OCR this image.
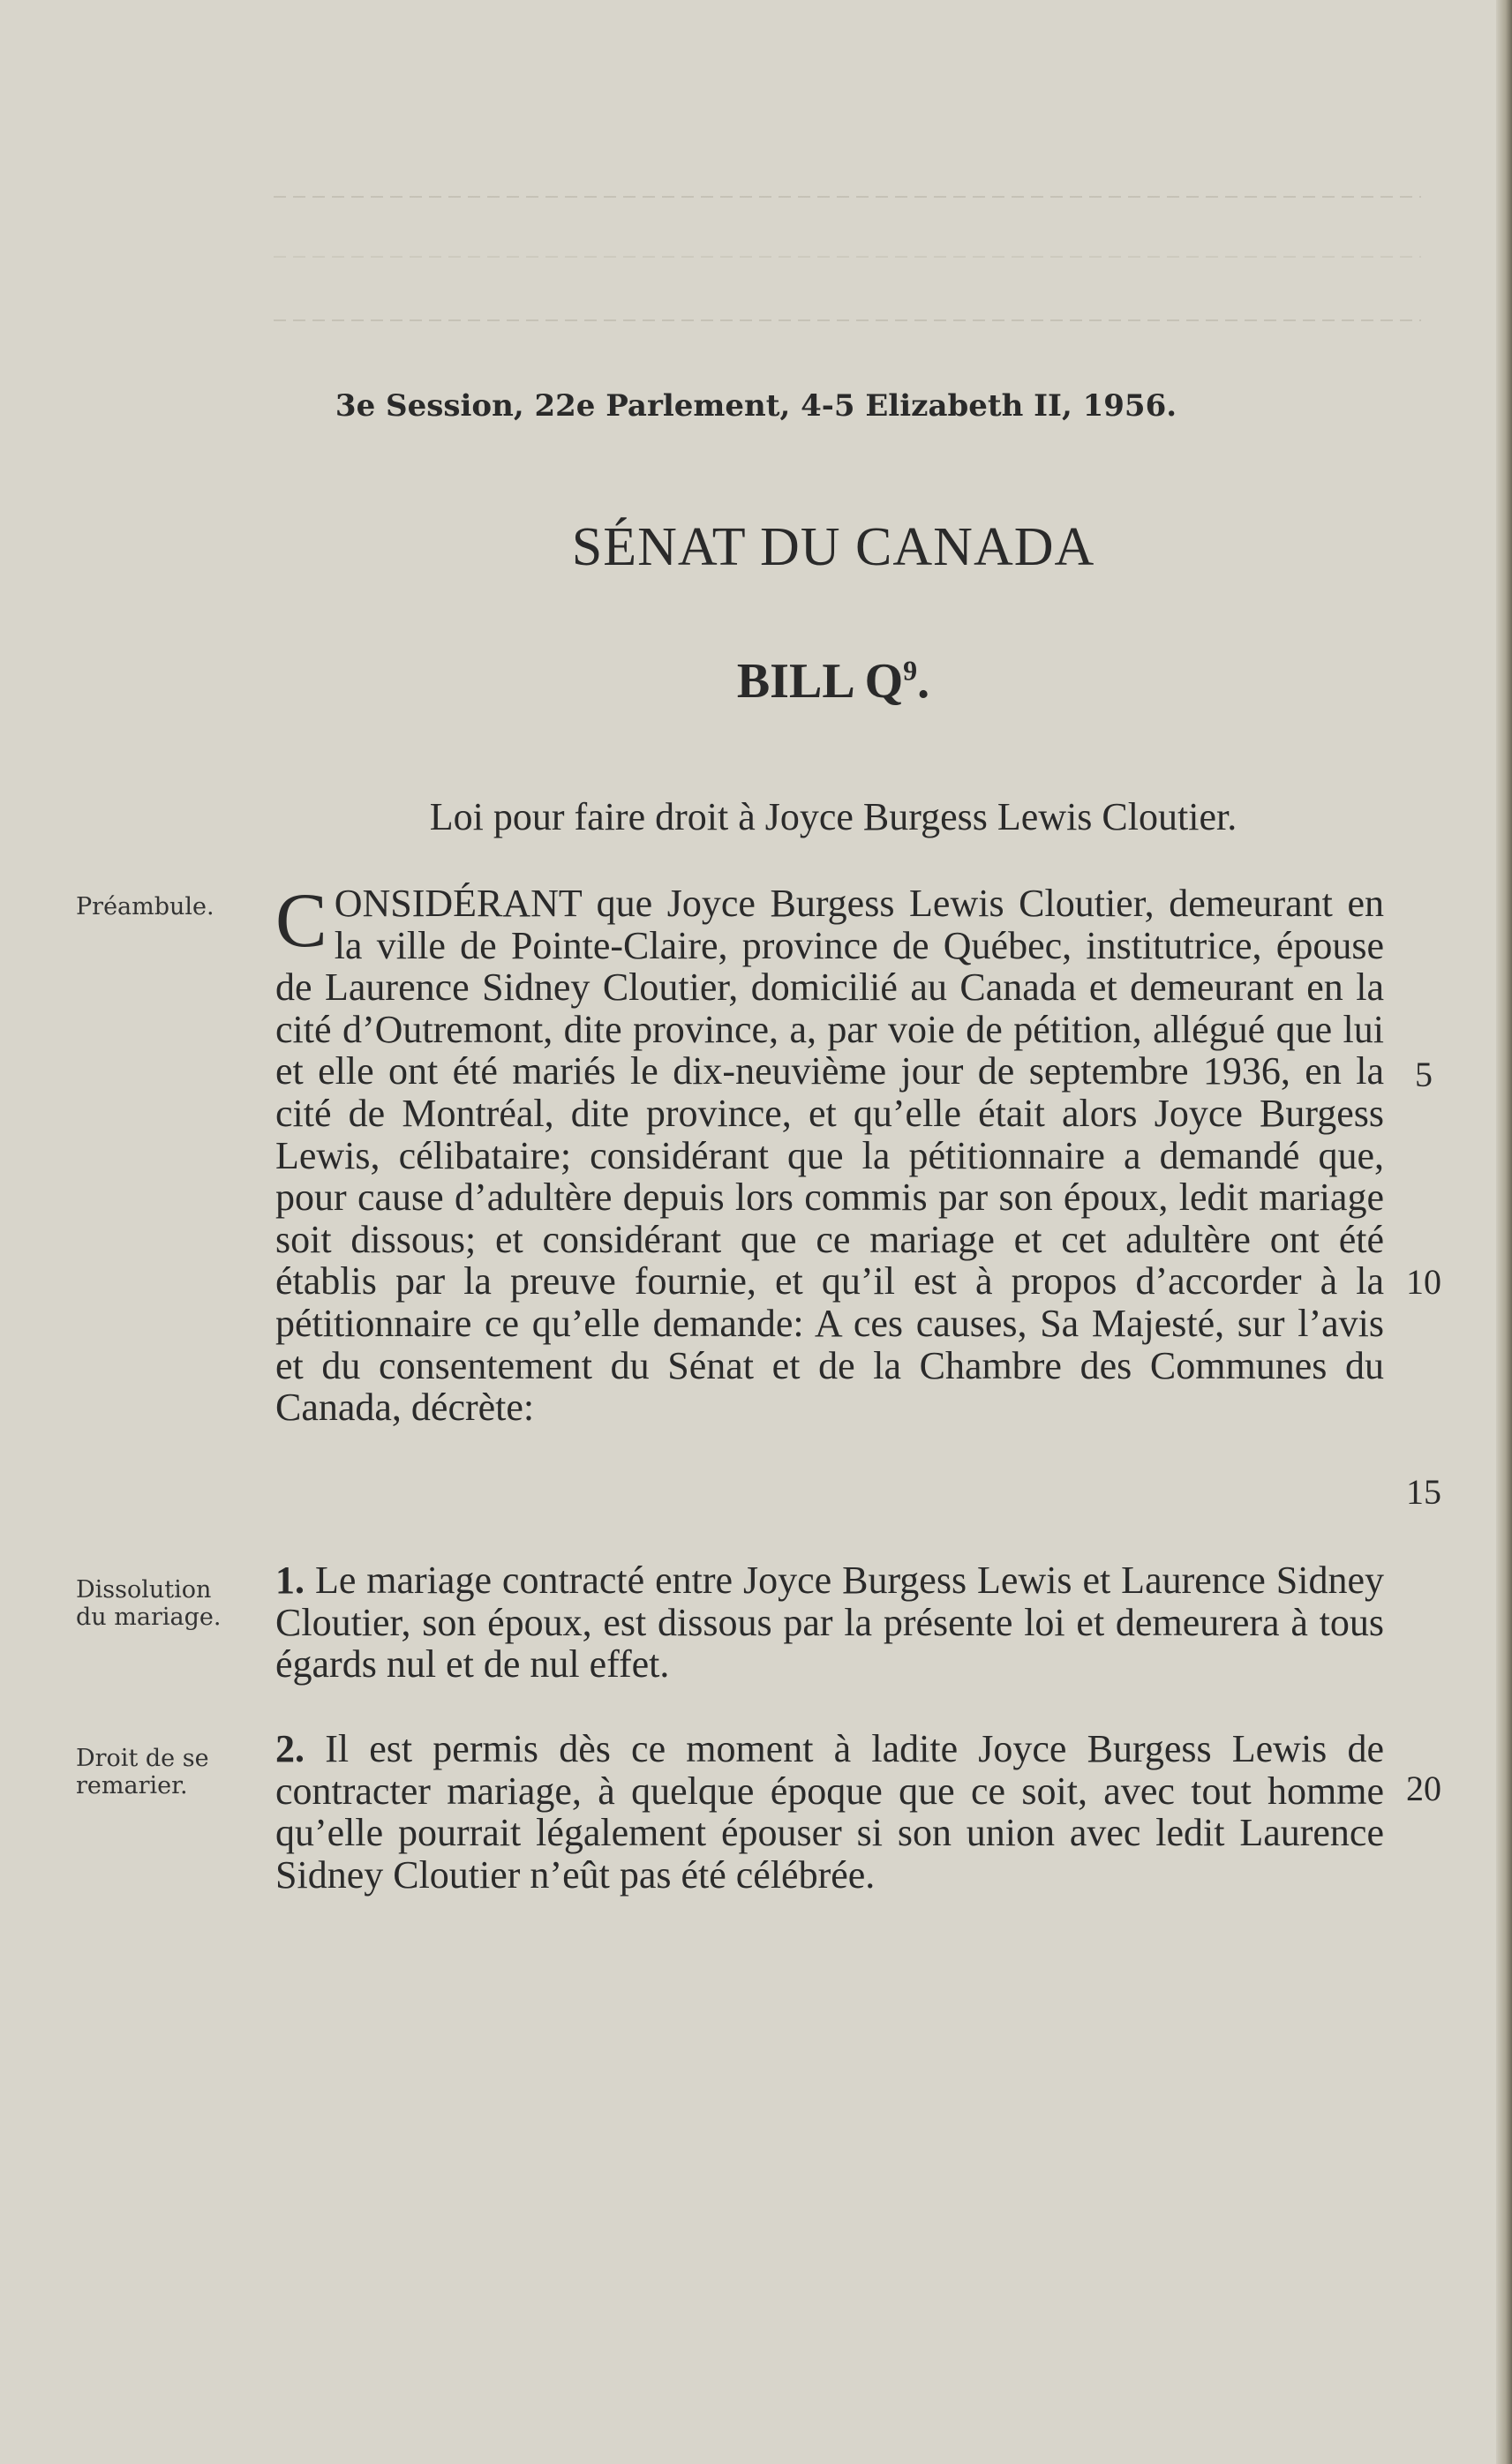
3e Session, 22e Parlement, 4-5 Elizabeth II, 1956.
SÉNAT DU CANADA
BILL $Q^9$.
Loi pour faire droit à Joyce Burgess Lewis Cloutier.
Préambule.
Dissolution
du mariage.
Droit de se
remarier.
CONSIDÉRANT que Joyce Burgess Lewis Cloutier, demeurant en la ville de Pointe-Claire, province de Québec, institutrice, épouse de Laurence Sidney Cloutier, domicilié au Canada et demeurant en la cité d’Outremont, dite province, a, par voie de pétition, allégué que lui et elle ont été mariés le dix-neuvième jour de septembre 1936, en la cité de Montréal, dite province, et qu’elle était alors Joyce Burgess Lewis, célibataire; considérant que la pétitionnaire a demandé que, pour cause d’adultère depuis lors commis par son époux, ledit mariage soit dissous; et considérant que ce mariage et cet adultère ont été établis par la preuve fournie, et qu’il est à propos d’accorder à la pétitionnaire ce qu’elle demande: A ces causes, Sa Majesté, sur l’avis et du consentement du Sénat et de la Chambre des Communes du Canada, décrète:
1. Le mariage contracté entre Joyce Burgess Lewis et Laurence Sidney Cloutier, son époux, est dissous par la présente loi et demeurera à tous égards nul et de nul effet.
2. Il est permis dès ce moment à ladite Joyce Burgess Lewis de contracter mariage, à quelque époque que ce soit, avec tout homme qu’elle pourrait légalement épouser si son union avec ledit Laurence Sidney Cloutier n’eût pas été célébrée.
5
10
15
20
